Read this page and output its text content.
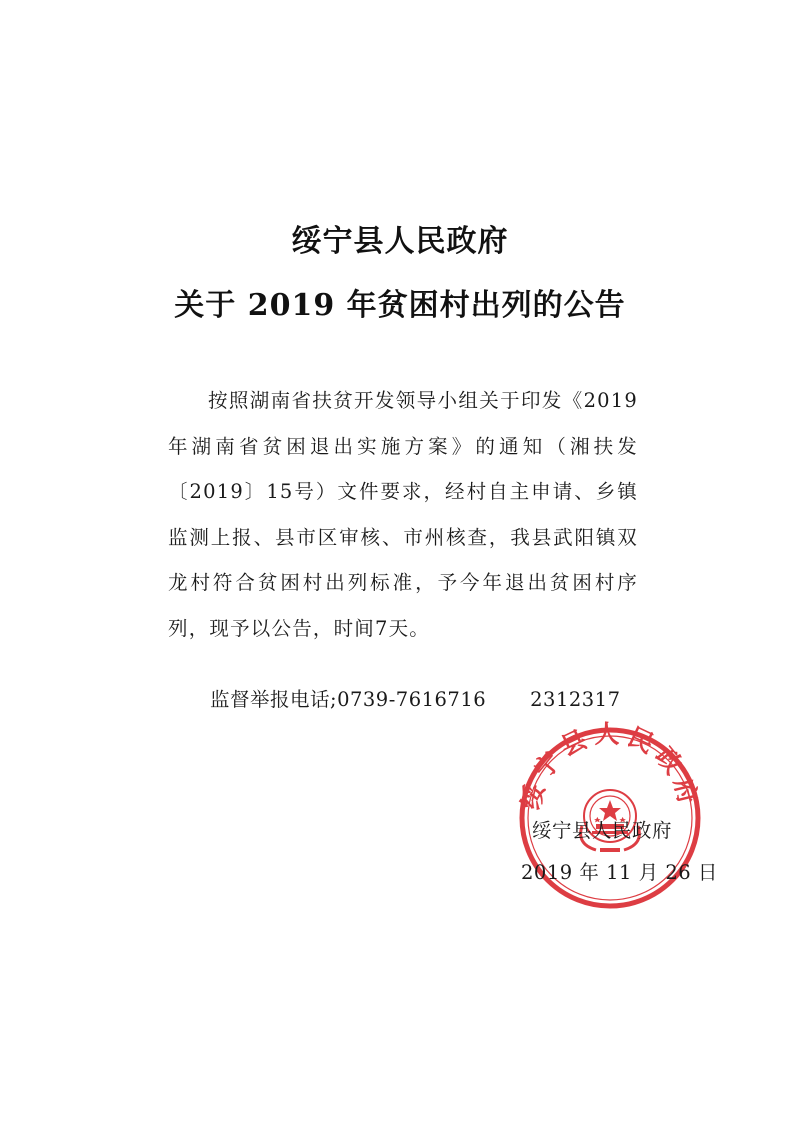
绥宁县人民政府
关于 2019 年贫困村出列的公告
按照湖南省扶贫开发领导小组关于印发《2019年湖南省贫困退出实施方案》的通知（湘扶发〔2019〕15号）文件要求，经村自主申请、乡镇监测上报、县市区审核、市州核查，我县武阳镇双龙村符合贫困村出列标准，予今年退出贫困村序列，现予以公告，时间7天。
监督举报电话;0739-7616716 2312317
绥宁县人民政府
绥宁县人民政府
2019 年 11 月 26 日
